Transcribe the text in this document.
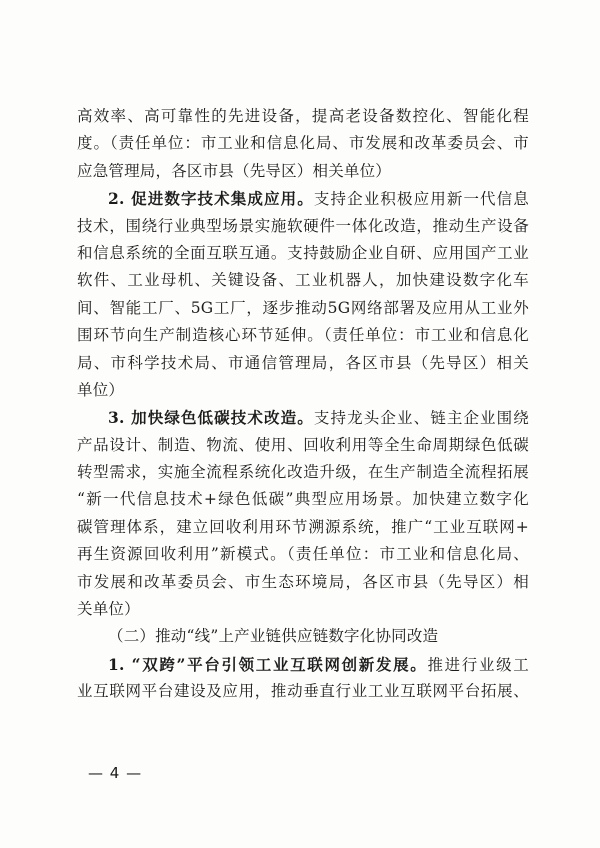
高效率、高可靠性的先进设备，提高老设备数控化、智能化程
度。（责任单位：市工业和信息化局、市发展和改革委员会、市
应急管理局，各区市县（先导区）相关单位）
2. 促进数字技术集成应用。支持企业积极应用新一代信息
技术，围绕行业典型场景实施软硬件一体化改造，推动生产设备
和信息系统的全面互联互通。支持鼓励企业自研、应用国产工业
软件、工业母机、关键设备、工业机器人，加快建设数字化车
间、智能工厂、5G工厂，逐步推动5G网络部署及应用从工业外
围环节向生产制造核心环节延伸。（责任单位：市工业和信息化
局、市科学技术局、市通信管理局，各区市县（先导区）相关
单位）
3. 加快绿色低碳技术改造。支持龙头企业、链主企业围绕
产品设计、制造、物流、使用、回收利用等全生命周期绿色低碳
转型需求，实施全流程系统化改造升级，在生产制造全流程拓展
“新一代信息技术+绿色低碳”典型应用场景。加快建立数字化
碳管理体系，建立回收利用环节溯源系统，推广“工业互联网+
再生资源回收利用”新模式。（责任单位：市工业和信息化局、
市发展和改革委员会、市生态环境局，各区市县（先导区）相
关单位）
（二）推动“线”上产业链供应链数字化协同改造
1. “双跨”平台引领工业互联网创新发展。推进行业级工
业互联网平台建设及应用，推动垂直行业工业互联网平台拓展、
— 4 —
